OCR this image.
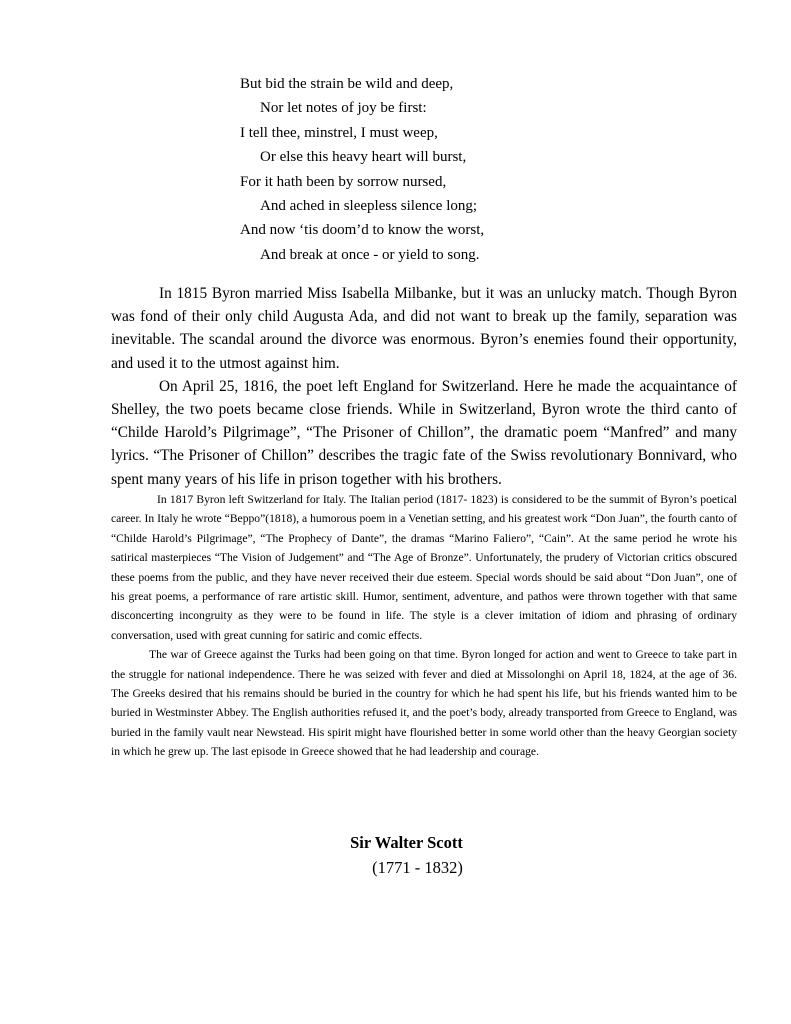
But bid the strain be wild and deep,
Nor let notes of joy be first:
I tell thee, minstrel, I must weep,
Or else this heavy heart will burst,
For it hath been by sorrow nursed,
And ached in sleepless silence long;
And now ‘tis doom’d to know the worst,
And break at once - or yield to song.

In 1815 Byron married Miss Isabella Milbanke, but it was an unlucky match. Though Byron was fond of their only child Augusta Ada, and did not want to break up the family, separation was inevitable. The scandal around the divorce was enormous. Byron’s enemies found their opportunity, and used it to the utmost against him.

On April 25, 1816, the poet left England for Switzerland. Here he made the acquaintance of Shelley, the two poets became close friends. While in Switzerland, Byron wrote the third canto of “Childe Harold’s Pilgrimage”, “The Prisoner of Chillon”, the dramatic poem “Manfred” and many lyrics. “The Prisoner of Chillon” describes the tragic fate of the Swiss revolutionary Bonnivard, who spent many years of his life in prison together with his brothers.

In 1817 Byron left Switzerland for Italy. The Italian period (1817- 1823) is considered to be the summit of Byron’s poetical career. In Italy he wrote “Beppo”(1818), a humorous poem in a Venetian setting, and his greatest work “Don Juan”, the fourth canto of “Childe Harold’s Pilgrimage”, “The Prophecy of Dante”, the dramas “Marino Faliero”, “Cain”. At the same period he wrote his satirical masterpieces “The Vision of Judgement” and “The Age of Bronze”. Unfortunately, the prudery of Victorian critics obscured these poems from the public, and they have never received their due esteem. Special words should be said about “Don Juan”, one of his great poems, a performance of rare artistic skill. Humor, sentiment, adventure, and pathos were thrown together with that same disconcerting incongruity as they were to be found in life. The style is a clever imitation of idiom and phrasing of ordinary conversation, used with great cunning for satiric and comic effects.

The war of Greece against the Turks had been going on that time. Byron longed for action and went to Greece to take part in the struggle for national independence. There he was seized with fever and died at Missolonghi on April 18, 1824, at the age of 36. The Greeks desired that his remains should be buried in the country for which he had spent his life, but his friends wanted him to be buried in Westminster Abbey. The English authorities refused it, and the poet’s body, already transported from Greece to England, was buried in the family vault near Newstead. His spirit might have flourished better in some world other than the heavy Georgian society in which he grew up. The last episode in Greece showed that he had leadership and courage.

Sir Walter Scott
(1771 - 1832)
